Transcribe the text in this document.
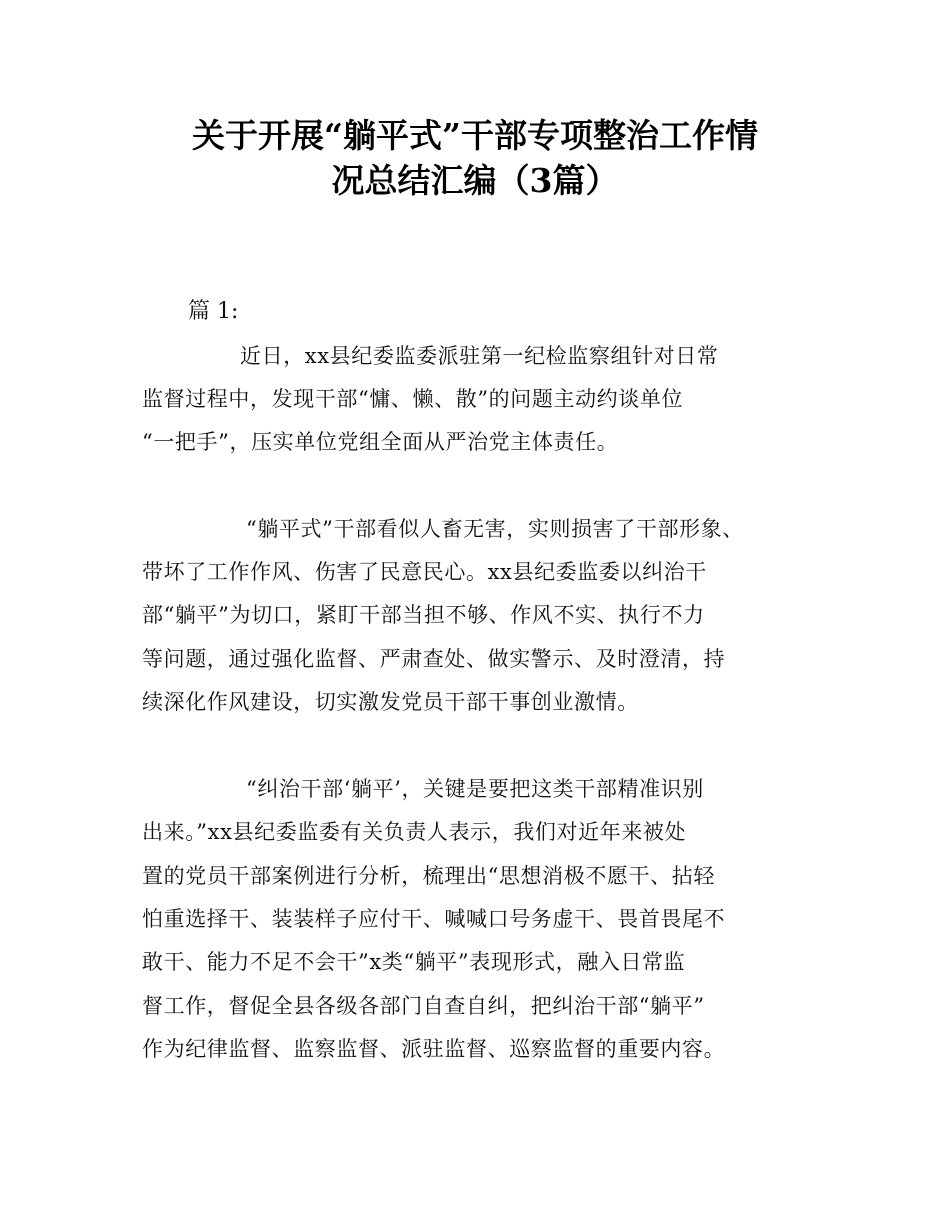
关于开展“躺平式”干部专项整治工作情
况总结汇编（3篇）
篇 1:
近日，xx县纪委监委派驻第一纪检监察组针对日常
监督过程中，发现干部“慵、懒、散”的问题主动约谈单位
“一把手”，压实单位党组全面从严治党主体责任。
“躺平式”干部看似人畜无害，实则损害了干部形象、
带坏了工作作风、伤害了民意民心。xx县纪委监委以纠治干
部“躺平”为切口，紧盯干部当担不够、作风不实、执行不力
等问题，通过强化监督、严肃查处、做实警示、及时澄清，持
续深化作风建设，切实激发党员干部干事创业激情。
“纠治干部‘躺平’，关键是要把这类干部精准识别
出来。”xx县纪委监委有关负责人表示，我们对近年来被处
置的党员干部案例进行分析，梳理出“思想消极不愿干、拈轻
怕重选择干、装装样子应付干、喊喊口号务虚干、畏首畏尾不
敢干、能力不足不会干”x类“躺平”表现形式，融入日常监
督工作，督促全县各级各部门自查自纠，把纠治干部“躺平”
作为纪律监督、监察监督、派驻监督、巡察监督的重要内容。
